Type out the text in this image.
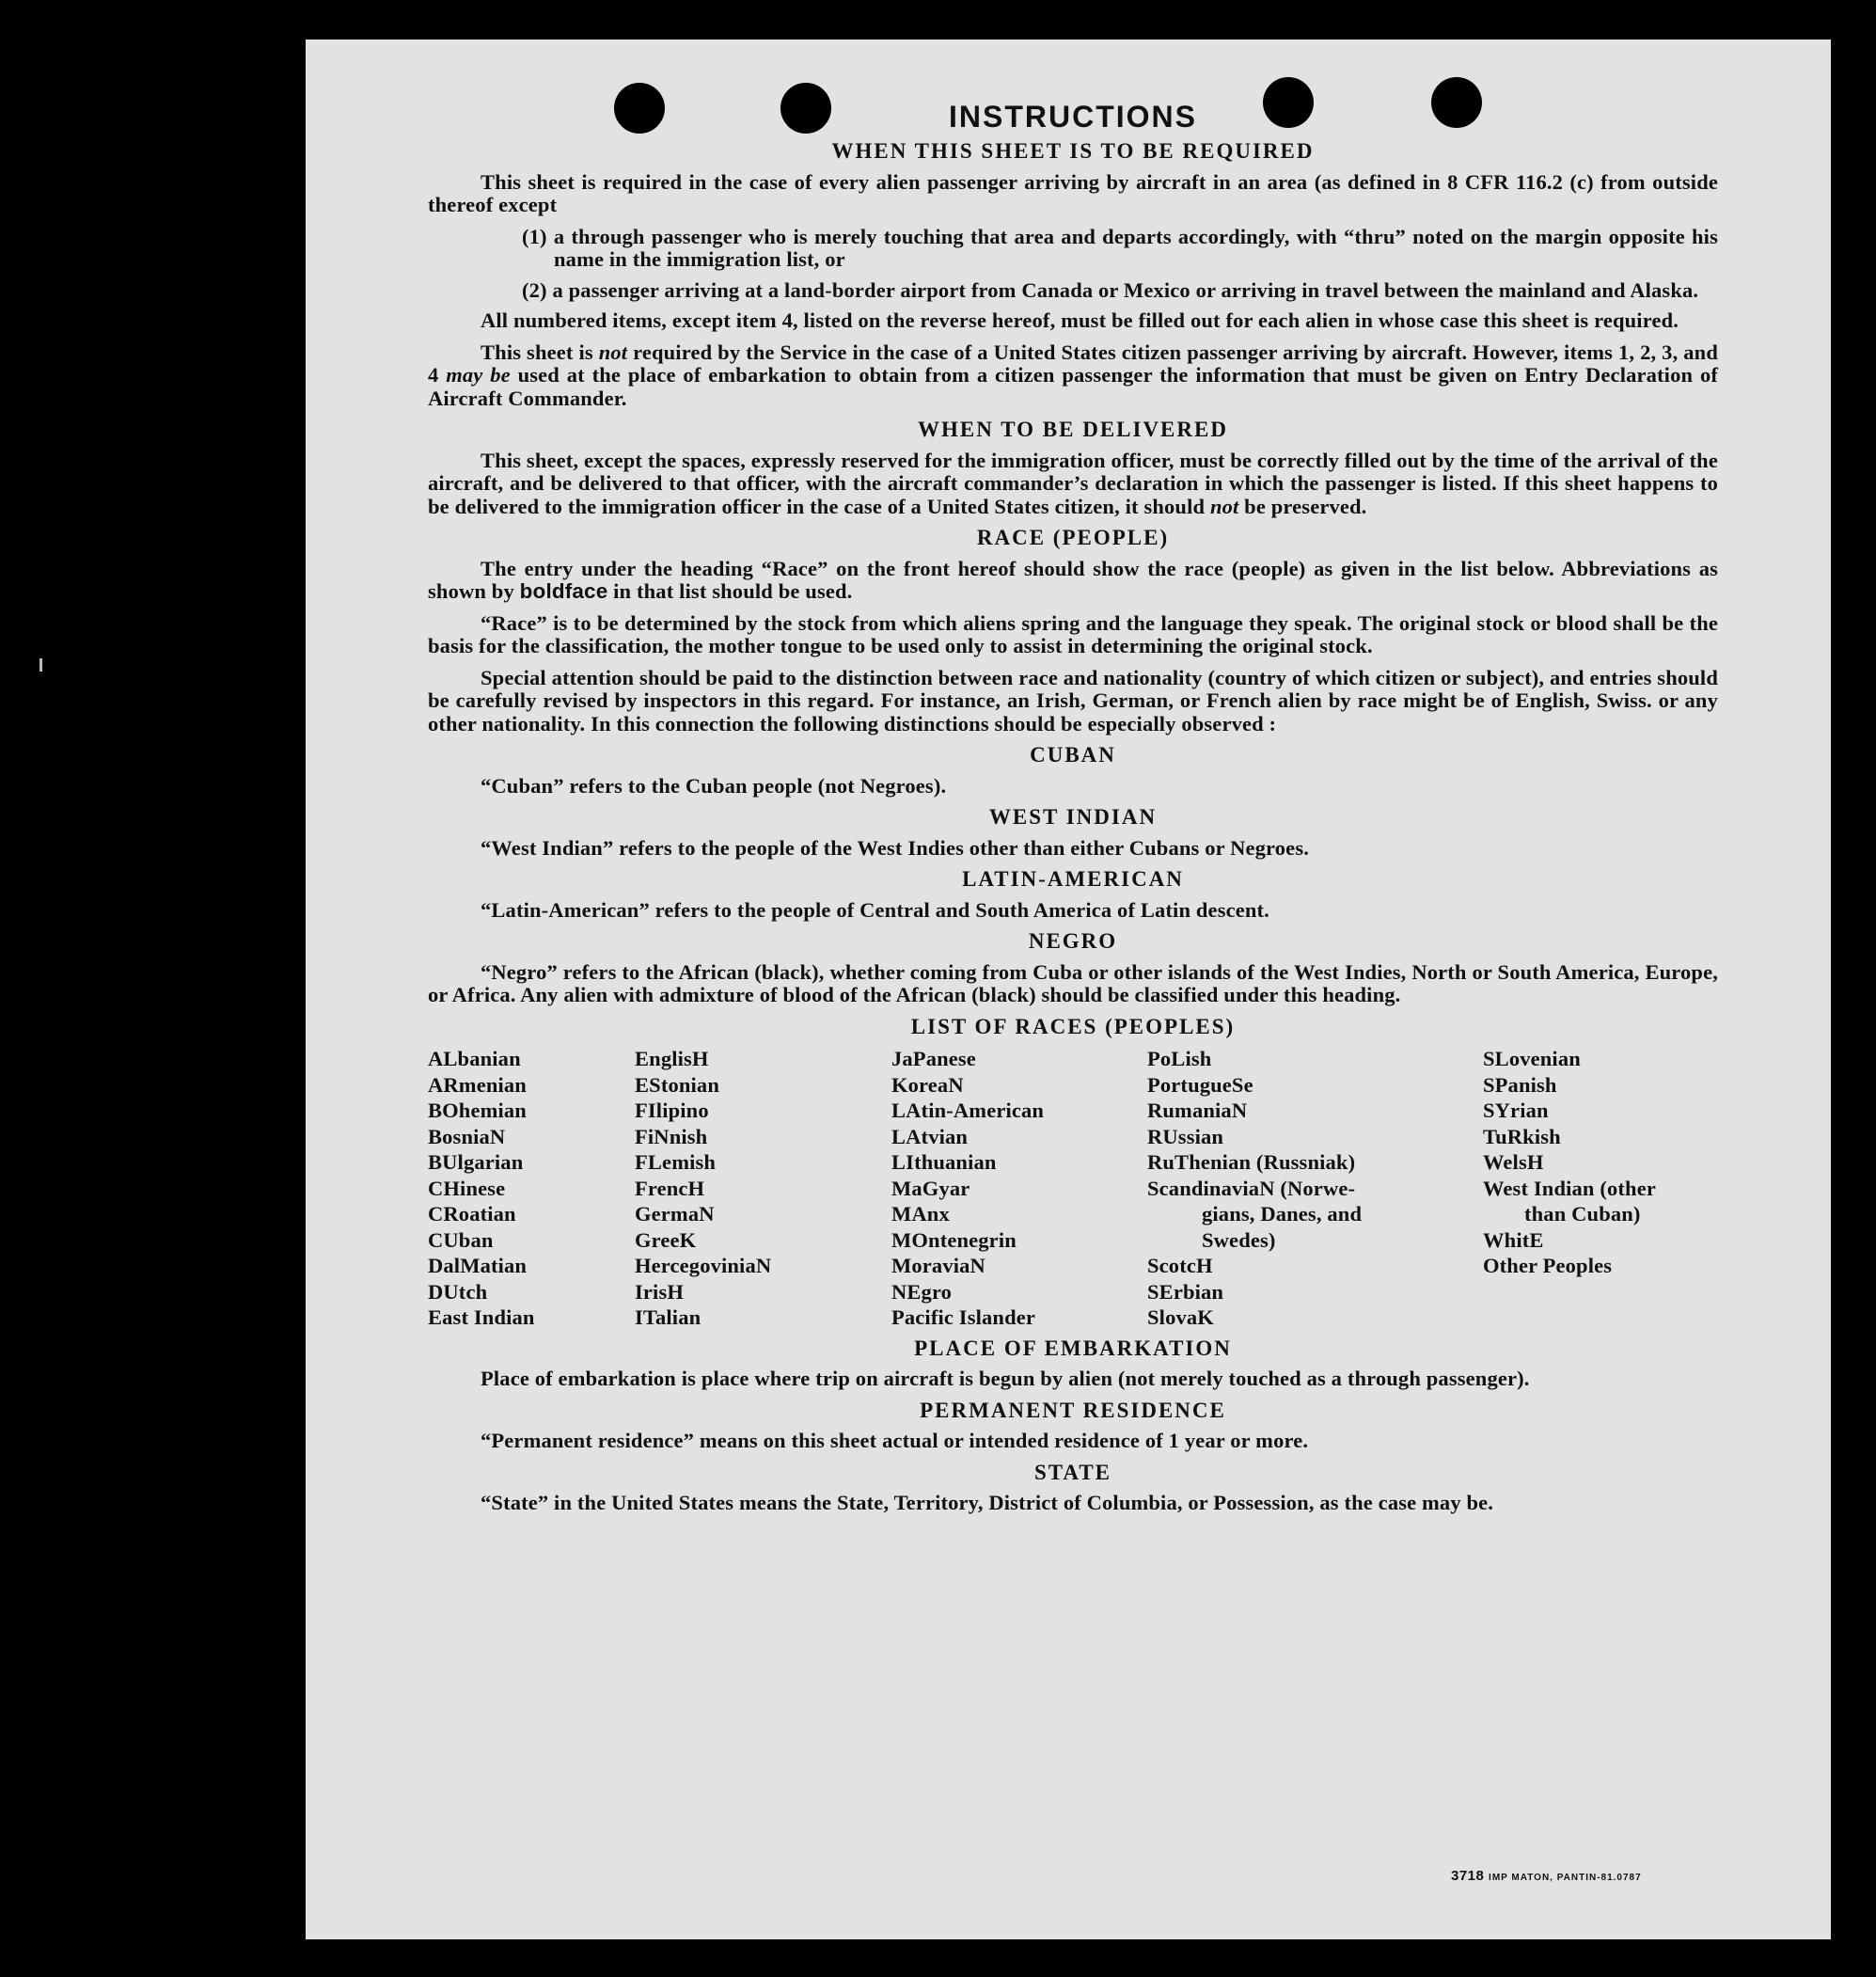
INSTRUCTIONS
WHEN THIS SHEET IS TO BE REQUIRED

This sheet is required in the case of every alien passenger arriving by aircraft in an area (as defined in 8 CFR 116.2 (c) from outside thereof except

(1) a through passenger who is merely touching that area and departs accordingly, with “thru” noted on the margin opposite his name in the immigration list, or
(2) a passenger arriving at a land-border airport from Canada or Mexico or arriving in travel between the mainland and Alaska.

All numbered items, except item 4, listed on the reverse hereof, must be filled out for each alien in whose case this sheet is required.

This sheet is not required by the Service in the case of a United States citizen passenger arriving by aircraft. However, items 1, 2, 3, and 4 may be used at the place of embarkation to obtain from a citizen passenger the information that must be given on Entry Declaration of Aircraft Commander.

WHEN TO BE DELIVERED

This sheet, except the spaces, expressly reserved for the immigration officer, must be correctly filled out by the time of the arrival of the aircraft, and be delivered to that officer, with the aircraft commander’s declaration in which the passenger is listed. If this sheet happens to be delivered to the immigration officer in the case of a United States citizen, it should not be preserved.

RACE (PEOPLE)

The entry under the heading “Race” on the front hereof should show the race (people) as given in the list below. Abbreviations as shown by boldface in that list should be used.

“Race” is to be determined by the stock from which aliens spring and the language they speak. The original stock or blood shall be the basis for the classification, the mother tongue to be used only to assist in determining the original stock.

Special attention should be paid to the distinction between race and nationality (country of which citizen or subject), and entries should be carefully revised by inspectors in this regard. For instance, an Irish, German, or French alien by race might be of English, Swiss. or any other nationality. In this connection the following distinctions should be especially observed :

CUBAN

“Cuban” refers to the Cuban people (not Negroes).

WEST INDIAN

“West Indian” refers to the people of the West Indies other than either Cubans or Negroes.

LATIN-AMERICAN

“Latin-American” refers to the people of Central and South America of Latin descent.

NEGRO

“Negro” refers to the African (black), whether coming from Cuba or other islands of the West Indies, North or South America, Europe, or Africa. Any alien with admixture of blood of the African (black) should be classified under this heading.

LIST OF RACES (PEOPLES)
ALbanian	EnglisH	JaPanese	PoLish	SLovenian
ARmenian	EStonian	KoreaN	PortugueSe	SPanish
BOhemian	FIlipino	LAtin-American	RumaniaN	SYrian
BosniaN	FiNnish	LAtvian	RUssian	TuRkish
BUlgarian	FLemish	LIthuanian	RuThenian (Russniak)	WelsH
CHinese	FrencH	MaGyar	ScandinaviaN (Norwe-	West Indian (other
CRoatian	GermaN	MAnx	gians, Danes, and	than Cuban)
CUban	GreeK	MOntenegrin	Swedes)	WhitE
DalMatian	HercegoviniaN	MoraviaN	ScotcH	Other Peoples
DUtch	IrisH	NEgro	SErbian
East Indian	ITalian	Pacific Islander	SlovaK
PLACE OF EMBARKATION

Place of embarkation is place where trip on aircraft is begun by alien (not merely touched as a through passenger).

PERMANENT RESIDENCE

“Permanent residence” means on this sheet actual or intended residence of 1 year or more.

STATE

“State” in the United States means the State, Territory, District of Columbia, or Possession, as the case may be.

3718 IMP MATON, PANTIN-81.0787
